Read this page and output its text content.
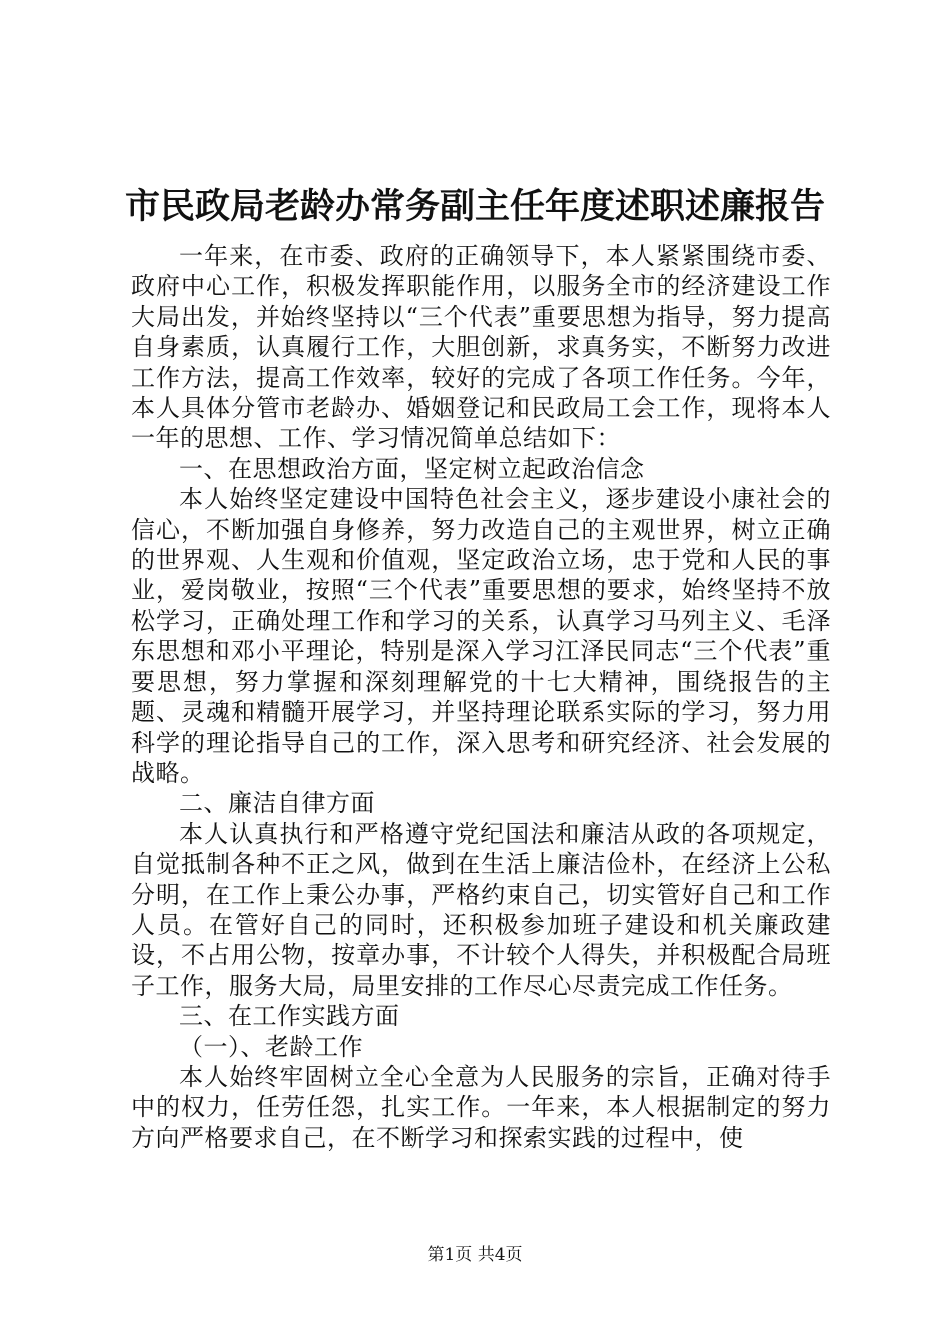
市民政局老龄办常务副主任年度述职述廉报告

一年来，在市委、政府的正确领导下，本人紧紧围绕市委、政府中心工作，积极发挥职能作用，以服务全市的经济建设工作大局出发，并始终坚持以“三个代表”重要思想为指导，努力提高自身素质，认真履行工作，大胆创新，求真务实，不断努力改进工作方法，提高工作效率，较好的完成了各项工作任务。今年，本人具体分管市老龄办、婚姻登记和民政局工会工作，现将本人一年的思想、工作、学习情况简单总结如下：

一、在思想政治方面，坚定树立起政治信念

本人始终坚定建设中国特色社会主义，逐步建设小康社会的信心，不断加强自身修养，努力改造自己的主观世界，树立正确的世界观、人生观和价值观，坚定政治立场，忠于党和人民的事业，爱岗敬业，按照“三个代表”重要思想的要求，始终坚持不放松学习，正确处理工作和学习的关系，认真学习马列主义、毛泽东思想和邓小平理论，特别是深入学习江泽民同志“三个代表”重要思想，努力掌握和深刻理解党的十七大精神，围绕报告的主题、灵魂和精髓开展学习，并坚持理论联系实际的学习，努力用科学的理论指导自己的工作，深入思考和研究经济、社会发展的战略。

二、廉洁自律方面

本人认真执行和严格遵守党纪国法和廉洁从政的各项规定，自觉抵制各种不正之风，做到在生活上廉洁俭朴，在经济上公私分明，在工作上秉公办事，严格约束自己，切实管好自己和工作人员。在管好自己的同时，还积极参加班子建设和机关廉政建设，不占用公物，按章办事，不计较个人得失，并积极配合局班子工作，服务大局，局里安排的工作尽心尽责完成工作任务。

三、在工作实践方面

（一）、老龄工作

本人始终牢固树立全心全意为人民服务的宗旨，正确对待手中的权力，任劳任怨，扎实工作。一年来，本人根据制定的努力方向严格要求自己，在不断学习和探索实践的过程中，使

第1页 共4页
